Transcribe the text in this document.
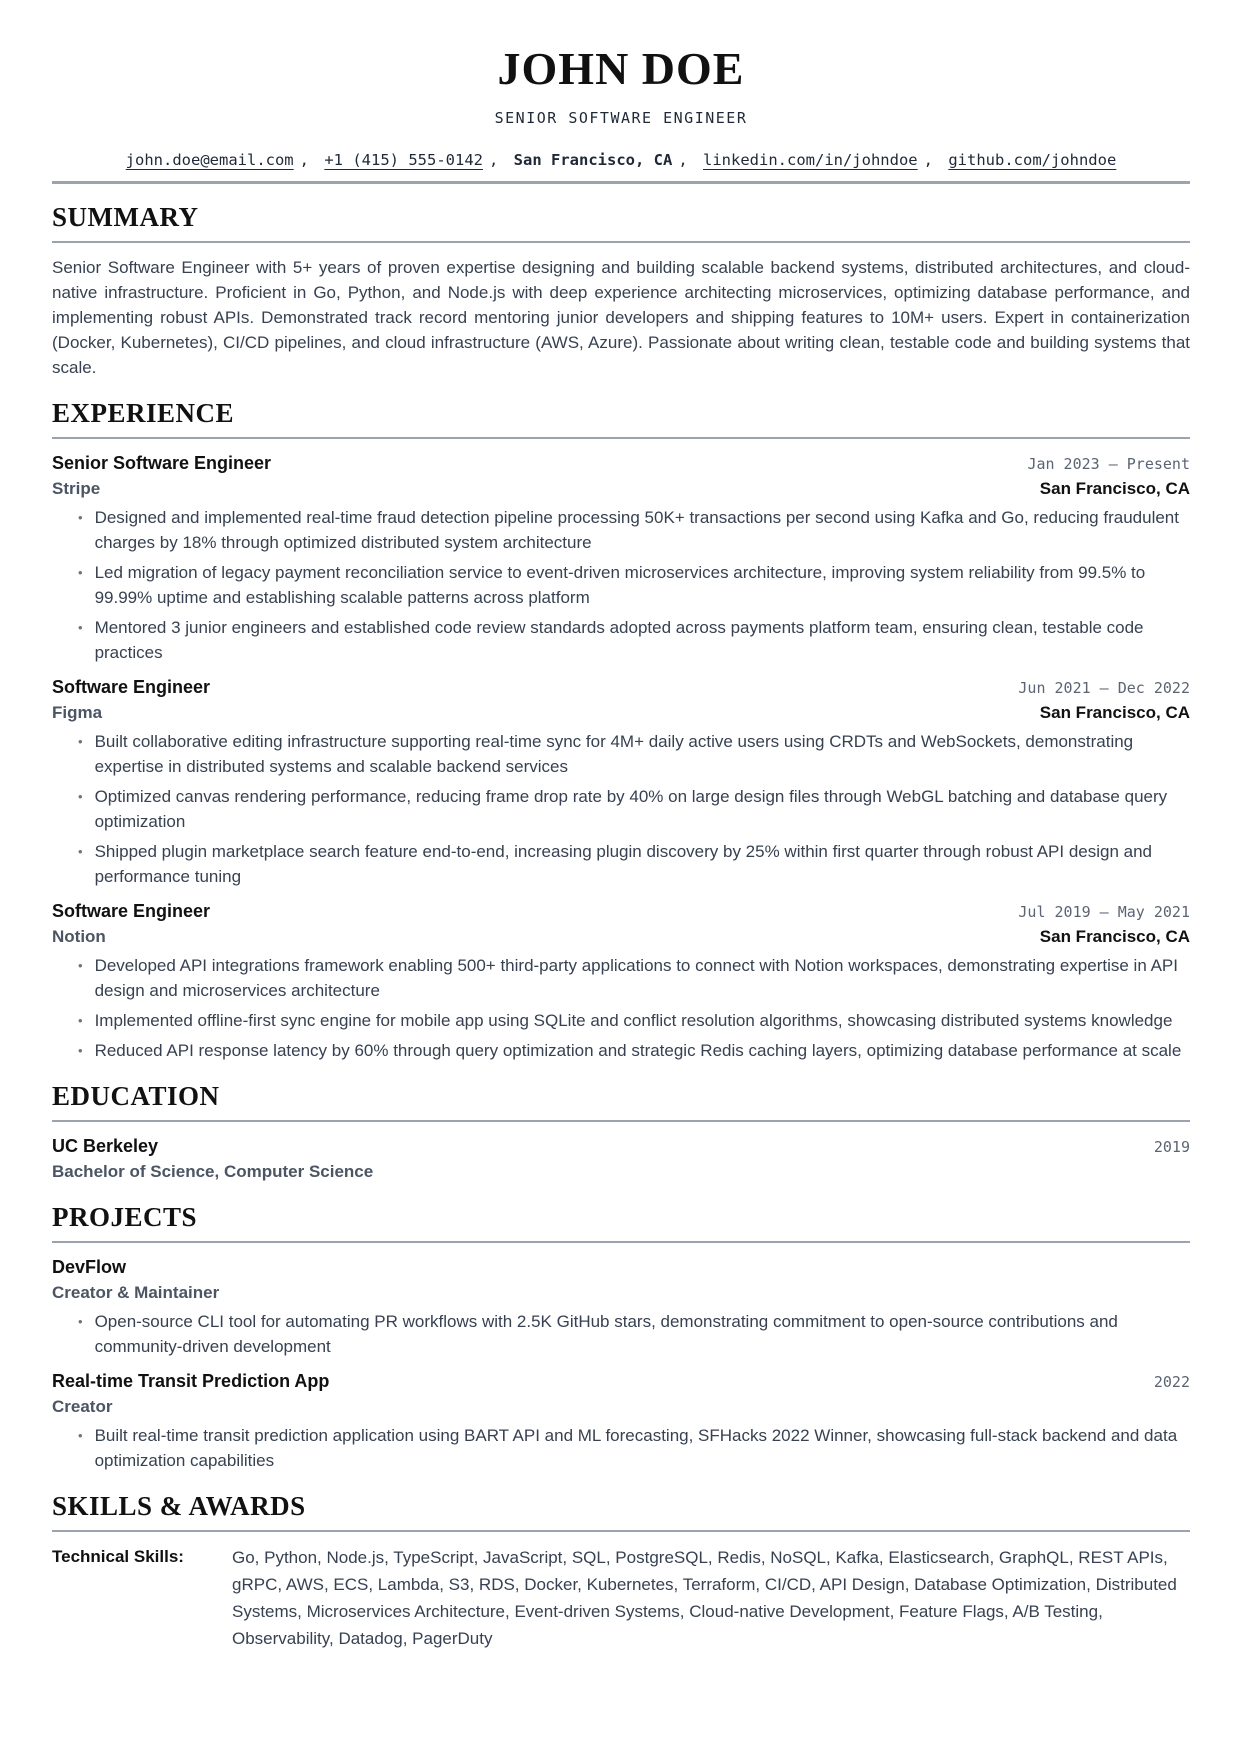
JOHN DOE
SENIOR SOFTWARE ENGINEER
john.doe@email.com , +1 (415) 555-0142 , San Francisco, CA , linkedin.com/in/johndoe , github.com/johndoe
SUMMARY

Senior Software Engineer with 5+ years of proven expertise designing and building scalable backend systems, distributed architectures, and cloud-native infrastructure. Proficient in Go, Python, and Node.js with deep experience architecting microservices, optimizing database performance, and implementing robust APIs. Demonstrated track record mentoring junior developers and shipping features to 10M+ users. Expert in containerization (Docker, Kubernetes), CI/CD pipelines, and cloud infrastructure (AWS, Azure). Passionate about writing clean, testable code and building systems that scale.

EXPERIENCE
Senior Software Engineer	Jan 2023 – Present
Stripe	San Francisco, CA
• Designed and implemented real-time fraud detection pipeline processing 50K+ transactions per second using Kafka and Go, reducing fraudulent charges by 18% through optimized distributed system architecture
• Led migration of legacy payment reconciliation service to event-driven microservices architecture, improving system reliability from 99.5% to 99.99% uptime and establishing scalable patterns across platform
• Mentored 3 junior engineers and established code review standards adopted across payments platform team, ensuring clean, testable code practices
Software Engineer	Jun 2021 – Dec 2022
Figma	San Francisco, CA
• Built collaborative editing infrastructure supporting real-time sync for 4M+ daily active users using CRDTs and WebSockets, demonstrating expertise in distributed systems and scalable backend services
• Optimized canvas rendering performance, reducing frame drop rate by 40% on large design files through WebGL batching and database query optimization
• Shipped plugin marketplace search feature end-to-end, increasing plugin discovery by 25% within first quarter through robust API design and performance tuning
Software Engineer	Jul 2019 – May 2021
Notion	San Francisco, CA
• Developed API integrations framework enabling 500+ third-party applications to connect with Notion workspaces, demonstrating expertise in API design and microservices architecture
• Implemented offline-first sync engine for mobile app using SQLite and conflict resolution algorithms, showcasing distributed systems knowledge
• Reduced API response latency by 60% through query optimization and strategic Redis caching layers, optimizing database performance at scale
EDUCATION
UC Berkeley	2019
Bachelor of Science, Computer Science
PROJECTS
DevFlow
Creator & Maintainer
• Open-source CLI tool for automating PR workflows with 2.5K GitHub stars, demonstrating commitment to open-source contributions and community-driven development
Real-time Transit Prediction App	2022
Creator
• Built real-time transit prediction application using BART API and ML forecasting, SFHacks 2022 Winner, showcasing full-stack backend and data optimization capabilities
SKILLS & AWARDS
Technical Skills:	Go, Python, Node.js, TypeScript, JavaScript, SQL, PostgreSQL, Redis, NoSQL, Kafka, Elasticsearch, GraphQL, REST APIs, gRPC, AWS, ECS, Lambda, S3, RDS, Docker, Kubernetes, Terraform, CI/CD, API Design, Database Optimization, Distributed Systems, Microservices Architecture, Event-driven Systems, Cloud-native Development, Feature Flags, A/B Testing, Observability, Datadog, PagerDuty
